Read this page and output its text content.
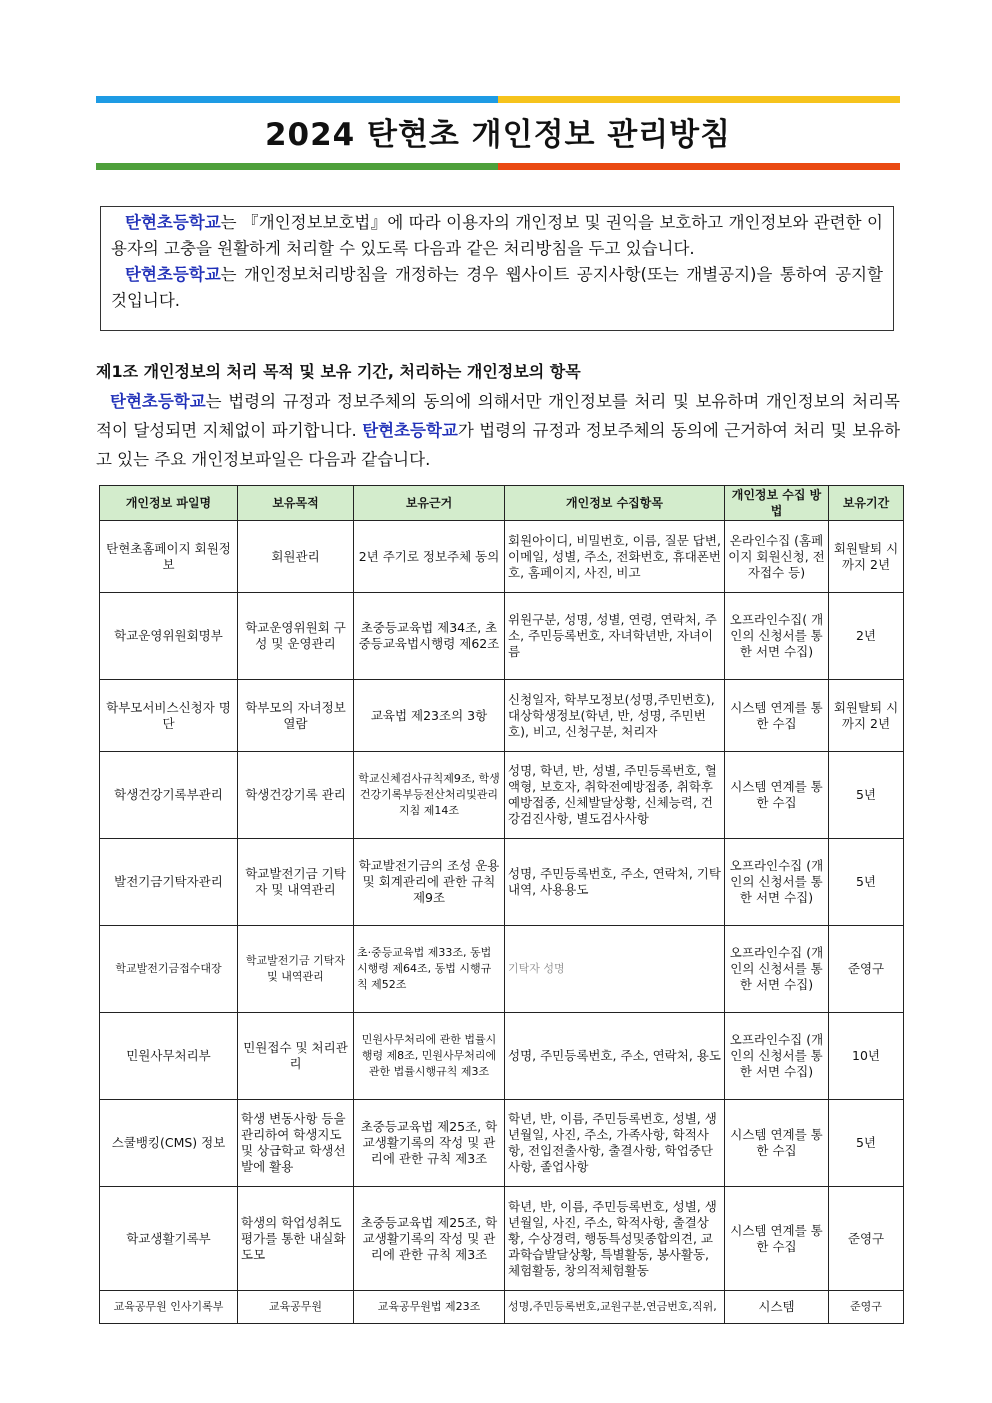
2024 탄현초 개인정보 관리방침

탄현초등학교는 『개인정보보호법』에 따라 이용자의 개인정보 및 권익을 보호하고 개인정보와 관련한 이용자의 고충을 원활하게 처리할 수 있도록 다음과 같은 처리방침을 두고 있습니다.

탄현초등학교는 개인정보처리방침을 개정하는 경우 웹사이트 공지사항(또는 개별공지)을 통하여 공지할 것입니다.

제1조 개인정보의 처리 목적 및 보유 기간, 처리하는 개인정보의 항목
탄현초등학교는 법령의 규정과 정보주체의 동의에 의해서만 개인정보를 처리 및 보유하며 개인정보의 처리목적이 달성되면 지체없이 파기합니다. 탄현초등학교가 법령의 규정과 정보주체의 동의에 근거하여 처리 및 보유하고 있는 주요 개인정보파일은 다음과 같습니다.
개인정보 파일명	보유목적	보유근거	개인정보 수집항목	개인정보 수집 방법	보유기간
탄현초홈페이지 회원정보	회원관리	2년 주기로 정보주체 동의	회원아이디, 비밀번호, 이름, 질문 답변, 이메일, 성별, 주소, 전화번호, 휴대폰번호, 홈페이지, 사진, 비고	온라인수집 (홈페이지 회원신청, 전자접수 등)	회원탈퇴 시까지 2년
학교운영위원회명부	학교운영위원회 구성 및 운영관리	초중등교육법 제34조, 초중등교육법시행령 제62조	위원구분, 성명, 성별, 연령, 연락처, 주소, 주민등록번호, 자녀학년반, 자녀이름	오프라인수집( 개인의 신청서를 통한 서면 수집)	2년
학부모서비스신청자 명단	학부모의 자녀정보 열람	교육법 제23조의 3항	신청일자, 학부모정보(성명,주민번호), 대상학생정보(학년, 반, 성명, 주민번호), 비고, 신청구분, 처리자	시스템 연계를 통한 수집	회원탈퇴 시까지 2년
학생건강기록부관리	학생건강기록 관리	학교신체검사규칙제9조, 학생건강기록부등전산처리및관리지침 제14조	성명, 학년, 반, 성별, 주민등록번호, 혈액형, 보호자, 취학전예방접종, 취학후예방접종, 신체발달상황, 신체능력, 건강검진사항, 별도검사사항	시스템 연계를 통한 수집	5년
발전기금기탁자관리	학교발전기금 기탁자 및 내역관리	학교발전기금의 조성 운용 및 회계관리에 관한 규칙 제9조	성명, 주민등록번호, 주소, 연락처, 기탁내역, 사용용도	오프라인수집 (개인의 신청서를 통한 서면 수집)	5년
학교발전기금접수대장	학교발전기금 기탁자 및 내역관리	초·중등교육법 제33조, 동법 시행령 제64조, 동법 시행규칙 제52조	기탁자 성명	오프라인수집 (개인의 신청서를 통한 서면 수집)	준영구
민원사무처리부	민원접수 및 처리관리	민원사무처리에 관한 법률시행령 제8조, 민원사무처리에관한 법률시행규칙 제3조	성명, 주민등록번호, 주소, 연락처, 용도	오프라인수집 (개인의 신청서를 통한 서면 수집)	10년
스쿨뱅킹(CMS) 정보	학생 변동사항 등을 관리하여 학생지도 및 상급학교 학생선발에 활용	초중등교육법 제25조, 학교생활기록의 작성 및 관리에 관한 규칙 제3조	학년, 반, 이름, 주민등록번호, 성별, 생년월일, 사진, 주소, 가족사항, 학적사항, 전입전출사항, 출결사항, 학업중단사항, 졸업사항	시스템 연계를 통한 수집	5년
학교생활기록부	학생의 학업성취도 평가를 통한 내실화 도모	초중등교육법 제25조, 학교생활기록의 작성 및 관리에 관한 규칙 제3조	학년, 반, 이름, 주민등록번호, 성별, 생년월일, 사진, 주소, 학적사항, 출결상황, 수상경력, 행동특성및종합의견, 교과학습발달상황, 특별활동, 봉사활동, 체험활동, 창의적체험활동	시스템 연계를 통한 수집	준영구
교육공무원 인사기록부	교육공무원	교육공무원법 제23조	성명,주민등록번호,교원구분,연금번호,직위,	시스템	준영구
